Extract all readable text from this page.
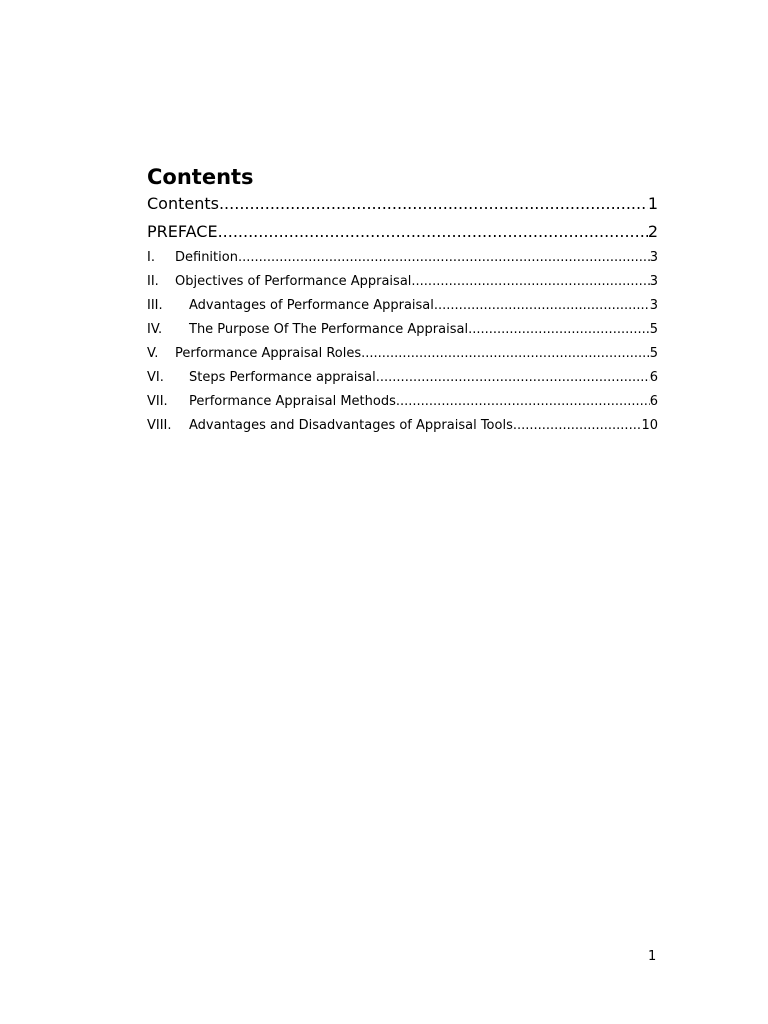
Contents
Contents .....	1
PREFACE .....	2
I.	Definition .....	3
II.	Objectives of Performance Appraisal .....	3
III.	Advantages of Performance Appraisal .....	3
IV.	The Purpose Of The Performance Appraisal .....	5
V.	Performance Appraisal Roles .....	5
VI.	Steps Performance appraisal .....	6
VII.	Performance Appraisal Methods .....	6
VIII.	Advantages and Disadvantages of Appraisal Tools .....	10
1
